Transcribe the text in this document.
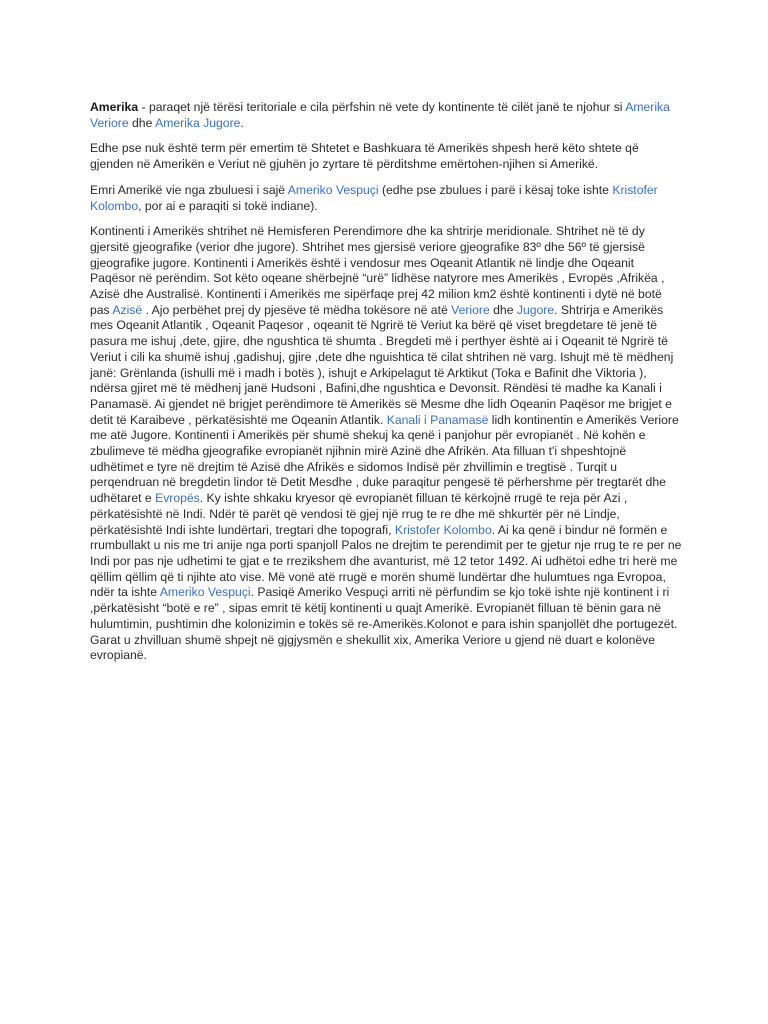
Amerika - paraqet një tërësi teritoriale e cila përfshin në vete dy kontinente të cilët janë te njohur si Amerika Veriore dhe Amerika Jugore.

Edhe pse nuk është term për emertim të Shtetet e Bashkuara të Amerikës shpesh herë këto shtete që gjenden në Amerikën e Veriut në gjuhën jo zyrtare të përditshme emërtohen-njihen si Amerikë.

Emri Amerikë vie nga zbuluesi i sajë Ameriko Vespuçi (edhe pse zbulues i parë i kësaj toke ishte Kristofer Kolombo, por ai e paraqiti si tokë indiane).

Kontinenti i Amerikës shtrihet në Hemisferen Perendimore dhe ka shtrirje meridionale. Shtrihet në të dy gjersitë gjeografike (verior dhe jugore). Shtrihet mes gjersisë veriore gjeografike 83º dhe 56º të gjersisë gjeografike jugore. Kontinenti i Amerikës është i vendosur mes Oqeanit Atlantik në lindje dhe Oqeanit Paqësor në perëndim. Sot këto oqeane shërbejnë “urë” lidhëse natyrore mes Amerikës , Evropës ,Afrikëa , Azisë dhe Australisë. Kontinenti i Amerikës me sipërfaqe prej 42 milion km2 është kontinenti i dytë në botë pas Azisë . Ajo perbëhet prej dy pjesëve të mëdha tokësore në atë Veriore dhe Jugore. Shtrirja e Amerikës mes Oqeanit Atlantik , Oqeanit Paqesor , oqeanit të Ngrirë të Veriut ka bërë që viset bregdetare të jenë të pasura me ishuj ,dete, gjire, dhe ngushtica të shumta . Bregdeti më i perthyer është ai i Oqeanit të Ngrirë të Veriut i cili ka shumë ishuj ,gadishuj, gjire ,dete dhe nguishtica të cilat shtrihen në varg. Ishujt më të mëdhenj janë: Grënlanda (ishulli më i madh i botës ), ishujt e Arkipelagut të Arktikut (Toka e Bafinit dhe Viktoria ), ndërsa gjiret më të mëdhenj janë Hudsoni , Bafini,dhe ngushtica e Devonsit. Rëndësi të madhe ka Kanali i Panamasë. Ai gjendet në brigjet perëndimore të Amerikës së Mesme dhe lidh Oqeanin Paqësor me brigjet e detit të Karaibeve , përkatësishtë me Oqeanin Atlantik. Kanali i Panamasë lidh kontinentin e Amerikës Veriore me atë Jugore. Kontinenti i Amerikës për shumë shekuj ka qenë i panjohur për evropianët . Në kohën e zbulimeve të mëdha gjeografike evropianët njihnin mirë Azinë dhe Afrikën. Ata filluan t'i shpeshtojnë udhëtimet e tyre në drejtim të Azisë dhe Afrikës e sidomos Indisë për zhvillimin e tregtisë . Turqit u perqendruan në bregdetin lindor të Detit Mesdhe , duke paraqitur pengesë të përhershme për tregtarët dhe udhëtaret e Evropës. Ky ishte shkaku kryesor që evropianët filluan të kërkojnë rrugë te reja për Azi , përkatësishtë në Indi. Ndër të parët që vendosi të gjej një rrug te re dhe më shkurtër për në Lindje, përkatësishtë Indi ishte lundërtari, tregtari dhe topografi, Kristofer Kolombo. Ai ka qenë i bindur në formën e rrumbullakt u nis me tri anije nga porti spanjoll Palos ne drejtim te perendimit per te gjetur nje rrug te re per ne Indi por pas nje udhetimi te gjat e te rrezikshem dhe avanturist, më 12 tetor 1492. Ai udhëtoi edhe tri herë me qëllim qëllim që ti njihte ato vise. Më vonë atë rrugë e morën shumë lundërtar dhe hulumtues nga Evropoa, ndër ta ishte Ameriko Vespuçi. Pasiqë Ameriko Vespuçi arriti në përfundim se kjo tokë ishte një kontinent i ri ,përkatësisht “botë e re” , sipas emrit të këtij kontinenti u quajt Amerikë. Evropianët filluan të bënin gara në hulumtimin, pushtimin dhe kolonizimin e tokës së re-Amerikës.Kolonot e para ishin spanjollët dhe portugezët. Garat u zhvilluan shumë shpejt në gjgjysmën e shekullit xix, Amerika Veriore u gjend në duart e kolonëve evropianë.
